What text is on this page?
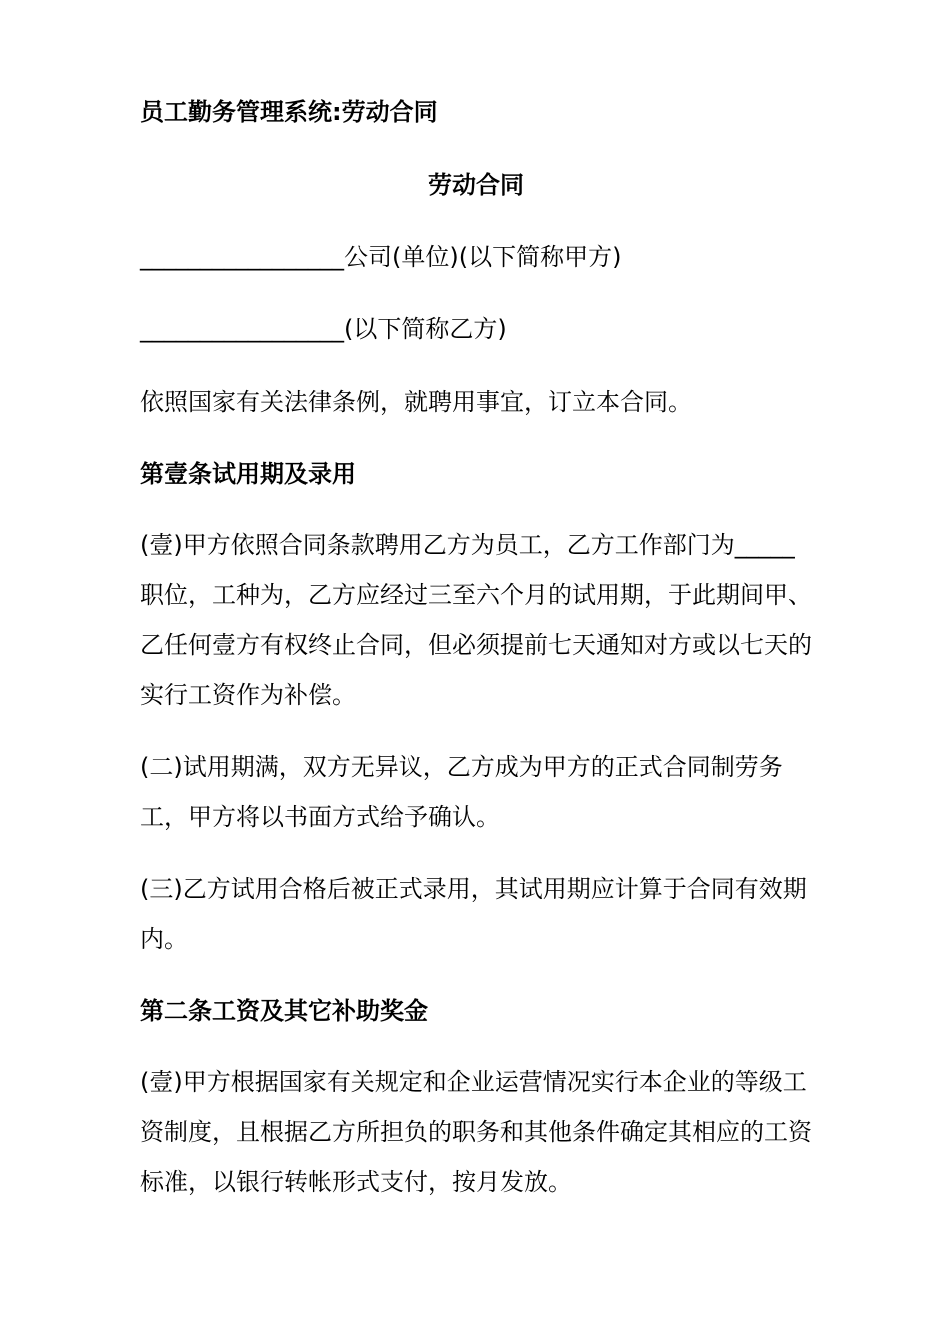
员工勤务管理系统:劳动合同
劳动合同

_________________公司(单位)(以下简称甲方)

_________________(以下简称乙方)

依照国家有关法律条例，就聘用事宜，订立本合同。

第壹条试用期及录用

(壹)甲方依照合同条款聘用乙方为员工，乙方工作部门为_____职位，工种为，乙方应经过三至六个月的试用期，于此期间甲、乙任何壹方有权终止合同，但必须提前七天通知对方或以七天的实行工资作为补偿。

(二)试用期满，双方无异议，乙方成为甲方的正式合同制劳务工，甲方将以书面方式给予确认。

(三)乙方试用合格后被正式录用，其试用期应计算于合同有效期内。

第二条工资及其它补助奖金

(壹)甲方根据国家有关规定和企业运营情况实行本企业的等级工资制度，且根据乙方所担负的职务和其他条件确定其相应的工资标准，以银行转帐形式支付，按月发放。
